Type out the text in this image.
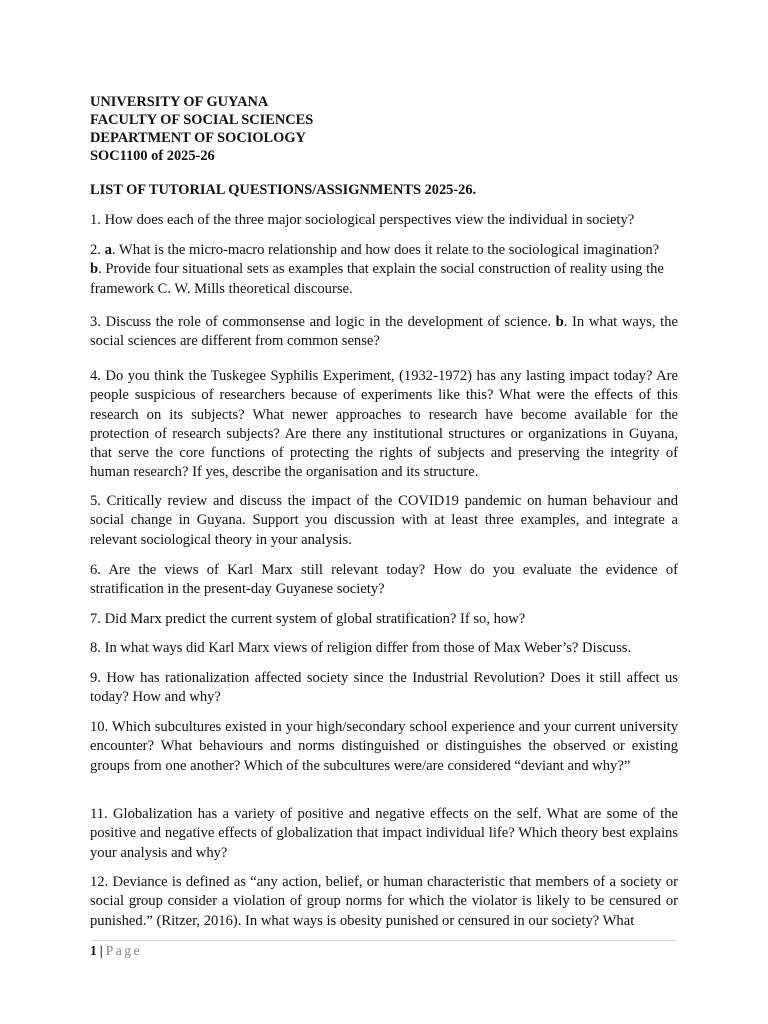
UNIVERSITY OF GUYANA
FACULTY OF SOCIAL SCIENCES
DEPARTMENT OF SOCIOLOGY
SOC1100 of 2025-26
LIST OF TUTORIAL QUESTIONS/ASSIGNMENTS 2025-26.

1. How does each of the three major sociological perspectives view the individual in society?

2. a. What is the micro-macro relationship and how does it relate to the sociological imagination?
b. Provide four situational sets as examples that explain the social construction of reality using the framework C. W. Mills theoretical discourse.

3. Discuss the role of commonsense and logic in the development of science. b. In what ways, the social sciences are different from common sense?

4. Do you think the Tuskegee Syphilis Experiment, (1932-1972) has any lasting impact today? Are people suspicious of researchers because of experiments like this? What were the effects of this research on its subjects? What newer approaches to research have become available for the protection of research subjects? Are there any institutional structures or organizations in Guyana, that serve the core functions of protecting the rights of subjects and preserving the integrity of human research? If yes, describe the organisation and its structure.

5. Critically review and discuss the impact of the COVID19 pandemic on human behaviour and social change in Guyana. Support you discussion with at least three examples, and integrate a relevant sociological theory in your analysis.

6. Are the views of Karl Marx still relevant today? How do you evaluate the evidence of stratification in the present-day Guyanese society?

7. Did Marx predict the current system of global stratification? If so, how?

8. In what ways did Karl Marx views of religion differ from those of Max Weber’s? Discuss.

9. How has rationalization affected society since the Industrial Revolution? Does it still affect us today? How and why?

10. Which subcultures existed in your high/secondary school experience and your current university encounter? What behaviours and norms distinguished or distinguishes the observed or existing groups from one another? Which of the subcultures were/are considered “deviant and why?”

11. Globalization has a variety of positive and negative effects on the self. What are some of the positive and negative effects of globalization that impact individual life? Which theory best explains your analysis and why?

12. Deviance is defined as “any action, belief, or human characteristic that members of a society or social group consider a violation of group norms for which the violator is likely to be censured or punished.” (Ritzer, 2016). In what ways is obesity punished or censured in our society? What

1 | Page
